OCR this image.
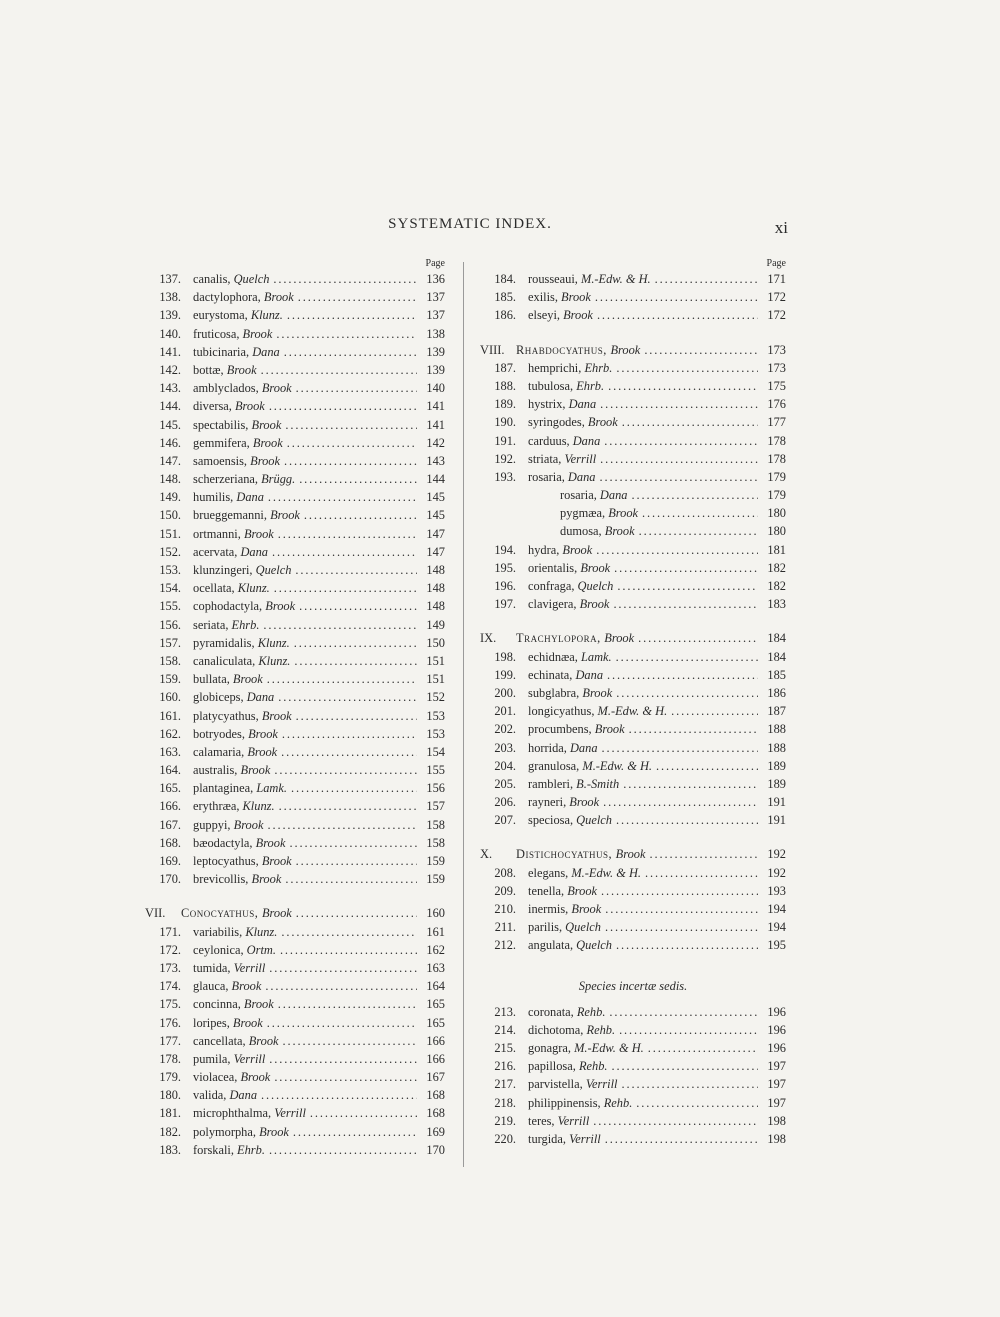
SYSTEMATIC INDEX.	xi
Page
137. canalis, Quelch . . .	136
138. dactylophora, Brook . . .	137
139. eurystoma, Klunz. . . .	137
140. fruticosa, Brook . . .	138
141. tubicinaria, Dana . . .	139
142. bottæ, Brook . . .	139
143. amblyclados, Brook . . .	140
144. diversa, Brook . . .	141
145. spectabilis, Brook . . .	141
146. gemmifera, Brook . . .	142
147. samoensis, Brook . . .	143
148. scherzeriana, Brügg. . . .	144
149. humilis, Dana . . .	145
150. brueggemanni, Brook . . .	145
151. ortmanni, Brook . . .	147
152. acervata, Dana . . .	147
153. klunzingeri, Quelch . . .	148
154. ocellata, Klunz. . . .	148
155. cophodactyla, Brook . . .	148
156. seriata, Ehrb. . . .	149
157. pyramidalis, Klunz. . . .	150
158. canaliculata, Klunz. . . .	151
159. bullata, Brook . . .	151
160. globiceps, Dana . . .	152
161. platycyathus, Brook . . .	153
162. botryodes, Brook . . .	153
163. calamaria, Brook . . .	154
164. australis, Brook . . .	155
165. plantaginea, Lamk. . . .	156
166. erythræa, Klunz. . . .	157
167. guppyi, Brook . . .	158
168. bæodactyla, Brook . . .	158
169. leptocyathus, Brook . . .	159
170. brevicollis, Brook . . .	159
VII.	Conocyathus, Brook . . .	160
171. variabilis, Klunz. . . .	161
172. ceylonica, Ortm. . . .	162
173. tumida, Verrill . . .	163
174. glauca, Brook . . .	164
175. concinna, Brook . . .	165
176. loripes, Brook . . .	165
177. cancellata, Brook . . .	166
178. pumila, Verrill . . .	166
179. violacea, Brook . . .	167
180. valida, Dana . . .	168
181. microphthalma, Verrill . . .	168
182. polymorpha, Brook . . .	169
183. forskali, Ehrb. . . .	170
Page
184. rousseaui, M.-Edw. & H. . . .	171
185. exilis, Brook . . .	172
186. elseyi, Brook . . .	172
VIII. Rhabdocyathus, Brook . . .	173
187. hemprichi, Ehrb. . . .	173
188. tubulosa, Ehrb. . . .	175
189. hystrix, Dana . . .	176
190. syringodes, Brook . . .	177
191. carduus, Dana . . .	178
192. striata, Verrill . . .	178
193. rosaria, Dana . . .	179
rosaria, Dana . . .	179
pygmæa, Brook . . .	180
dumosa, Brook . . .	180
194. hydra, Brook . . .	181
195. orientalis, Brook . . .	182
196. confraga, Quelch . . .	182
197. clavigera, Brook . . .	183
IX.	Trachylopora, Brook . . .	184
198. echidnæa, Lamk. . . .	184
199. echinata, Dana . . .	185
200. subglabra, Brook . . .	186
201. longicyathus, M.-Edw. & H. . . .	187
202. procumbens, Brook . . .	188
203. horrida, Dana . . .	188
204. granulosa, M.-Edw. & H. . . .	189
205. rambleri, B.-Smith . . .	189
206. rayneri, Brook . . .	191
207. speciosa, Quelch . . .	191
X.	Distichocyathus, Brook . . .	192
208. elegans, M.-Edw. & H. . . .	192
209. tenella, Brook . . .	193
210. inermis, Brook . . .	194
211. parilis, Quelch . . .	194
212. angulata, Quelch . . .	195
Species incertæ sedis.
213. coronata, Rehb. . . .	196
214. dichotoma, Rehb. . . .	196
215. gonagra, M.-Edw. & H. . . .	196
216. papillosa, Rehb. . . .	197
217. parvistella, Verrill . . .	197
218. philippinensis, Rehb. . . .	197
219. teres, Verrill . . .	198
220. turgida, Verrill . . .	198
